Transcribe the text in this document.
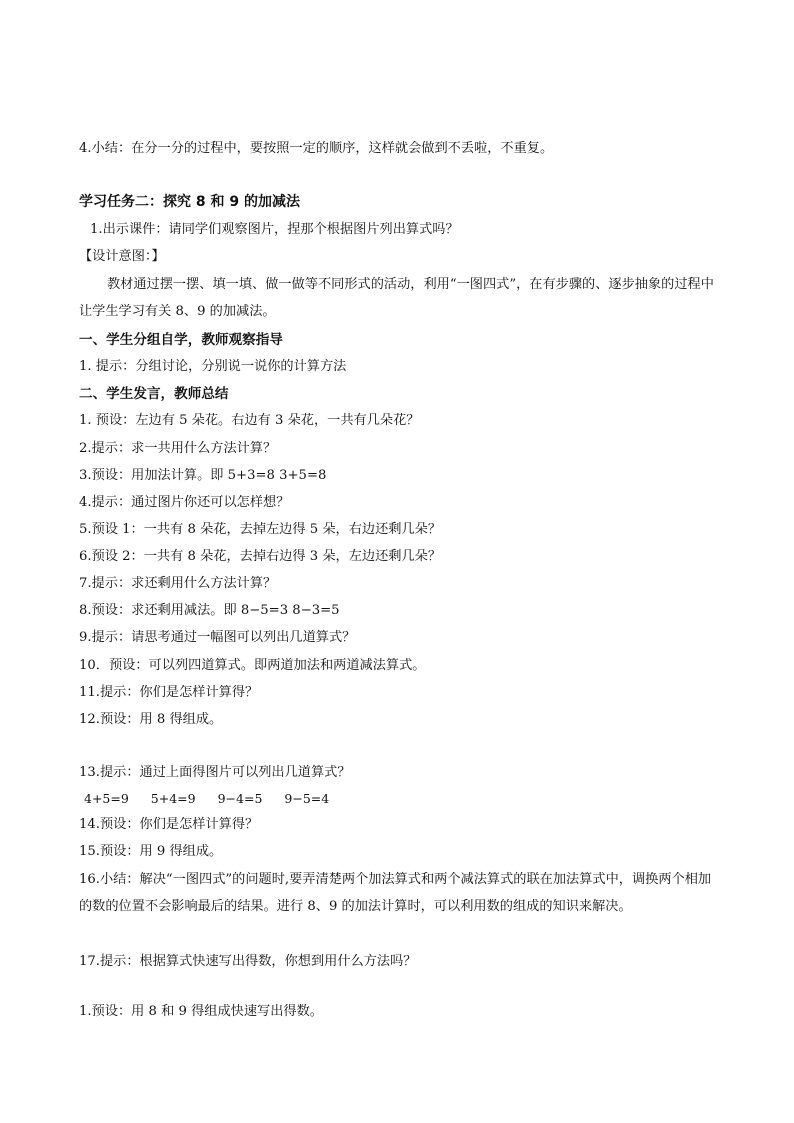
4.小结：在分一分的过程中，要按照一定的顺序，这样就会做到不丢啦，不重复。
学习任务二：探究 8 和 9 的加减法
1.出示课件：请同学们观察图片，捏那个根据图片列出算式吗？
【设计意图：】
教材通过摆一摆、填一填、做一做等不同形式的活动，利用“一图四式”，在有步骤的、逐步抽象的过程中让学生学习有关 8、9 的加减法。
一、学生分组自学，教师观察指导
1. 提示：分组讨论，分别说一说你的计算方法
二、学生发言，教师总结
1. 预设：左边有 5 朵花。右边有 3 朵花，一共有几朵花？
2.提示：求一共用什么方法计算？
3.预设：用加法计算。即 5+3=8 3+5=8
4.提示：通过图片你还可以怎样想？
5.预设 1：一共有 8 朵花，去掉左边得 5 朵，右边还剩几朵？
6.预设 2：一共有 8 朵花，去掉右边得 3 朵，左边还剩几朵？
7.提示：求还剩用什么方法计算？
8.预设：求还剩用减法。即 8−5=3 8−3=5
9.提示：请思考通过一幅图可以列出几道算式？
10．预设：可以列四道算式。即两道加法和两道减法算式。
11.提示：你们是怎样计算得？
12.预设：用 8 得组成。
13.提示：通过上面得图片可以列出几道算式？
4+5=9 5+4=9 9−4=5 9−5=4
14.预设：你们是怎样计算得？
15.预设：用 9 得组成。
16.小结：解决“一图四式”的问题时,要弄清楚两个加法算式和两个减法算式的联在加法算式中，调换两个相加的数的位置不会影响最后的结果。进行 8、9 的加法计算时，可以利用数的组成的知识来解决。
17.提示：根据算式快速写出得数，你想到用什么方法吗？
1.预设：用 8 和 9 得组成快速写出得数。
